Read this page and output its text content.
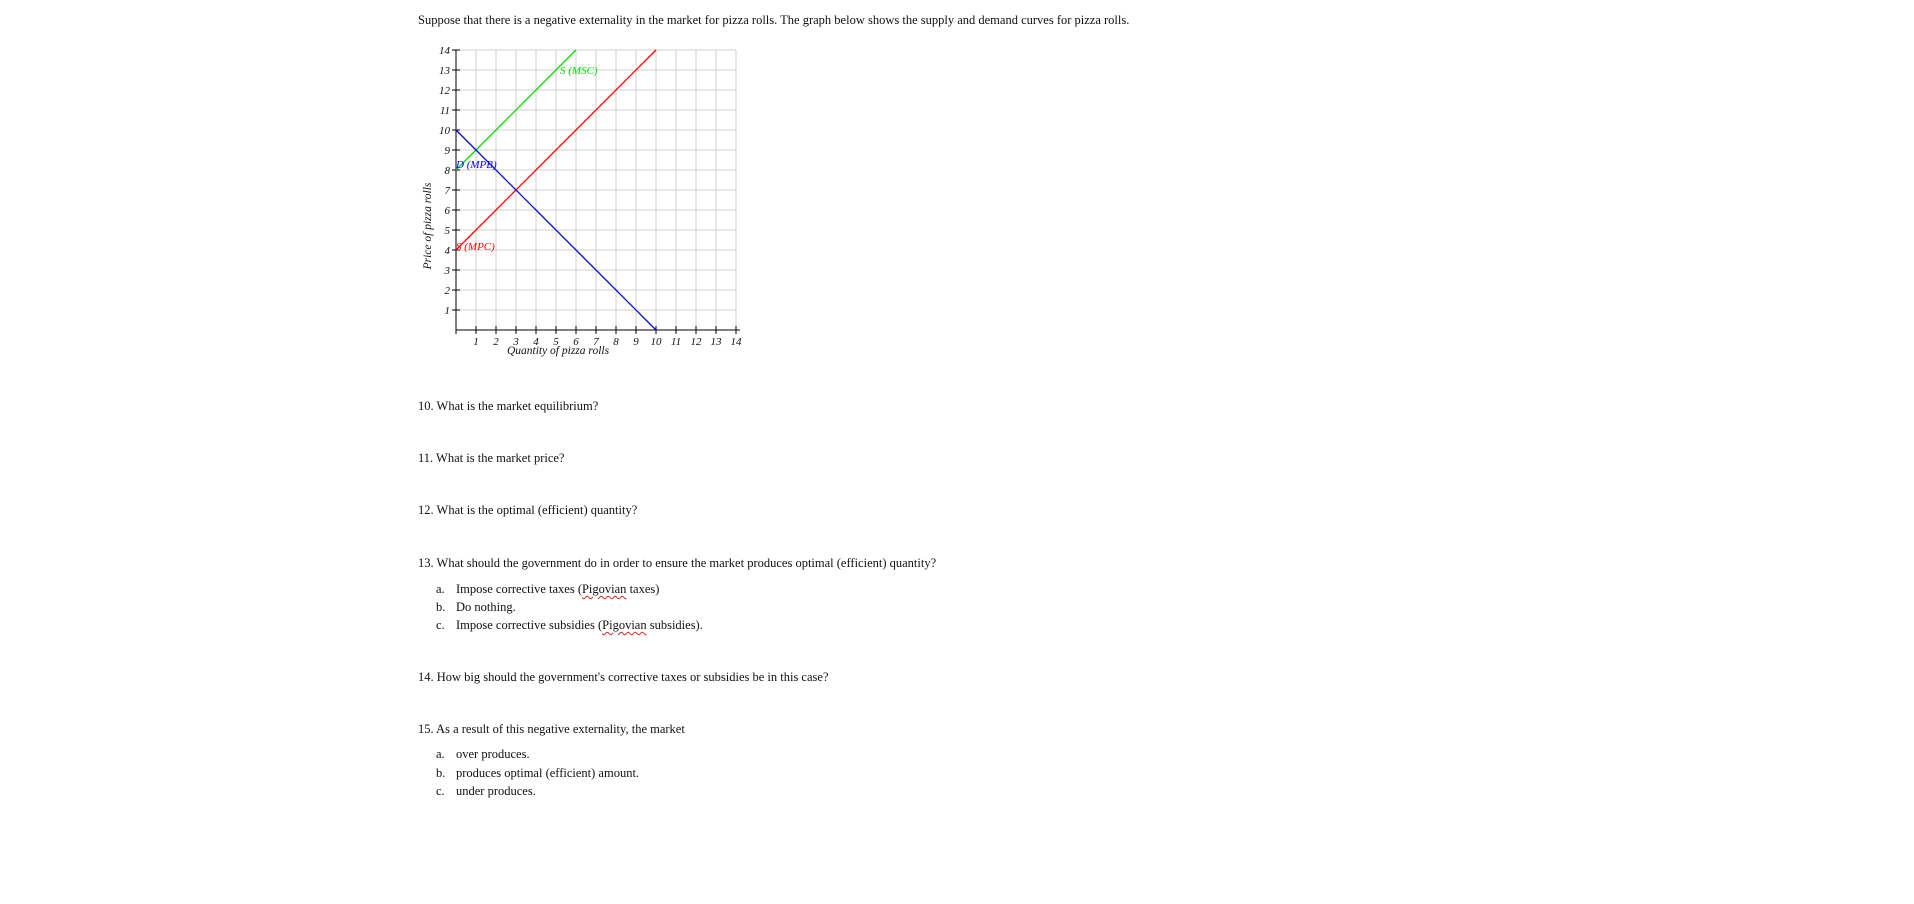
Suppose that there is a negative externality in the market for pizza rolls. The graph below shows the supply and demand curves for pizza rolls.
10. What is the market equilibrium?
11. What is the market price?
12. What is the optimal (efficient) quantity?
13. What should the government do in order to ensure the market produces optimal (efficient) quantity?
a. Impose corrective taxes (Pigovian taxes)
b. Do nothing.
c. Impose corrective subsidies (Pigovian subsidies).
14. How big should the government's corrective taxes or subsidies be in this case?
15. As a result of this negative externality, the market
a. over produces.
b. produces optimal (efficient) amount.
c. under produces.
1 2 3 4 5 6 7 8 9 10 11 12 13 14
1
2
3
4
5
6
7
8
9
10
11
12
13
14
Quantity of pizza rolls
Price of pizza rolls
S (MSC)
S (MPC)
D (MPB)
